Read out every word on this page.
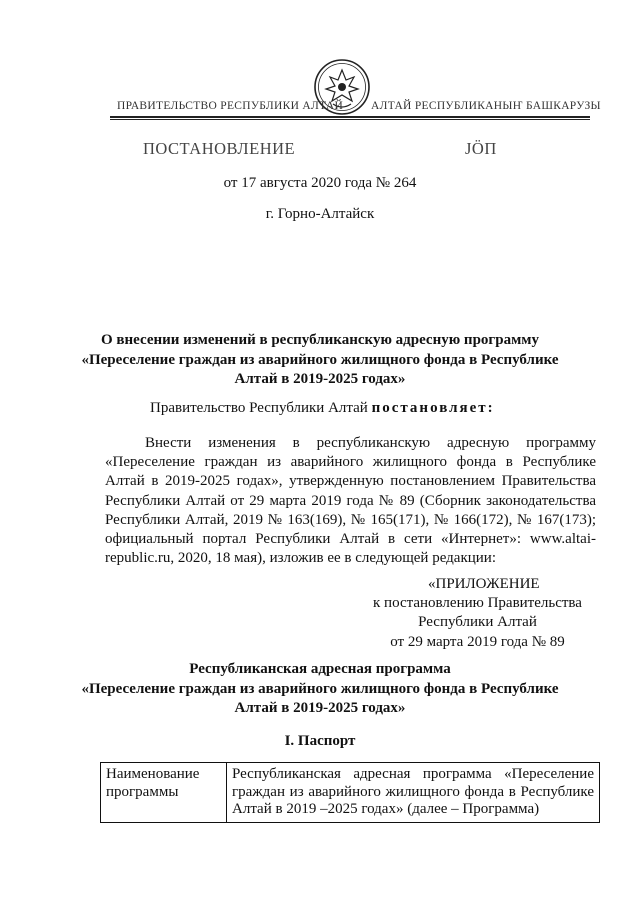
ПРАВИТЕЛЬСТВО РЕСПУБЛИКИ АЛТАЙ АЛТАЙ РЕСПУБЛИКАНЫҤ БАШКАРУЗЫ
ПОСТАНОВЛЕНИЕ	ЈӦП
от 17 августа 2020 года № 264
г. Горно-Алтайск
О внесении изменений в республиканскую адресную программу
«Переселение граждан из аварийного жилищного фонда в Республике
Алтай в 2019-2025 годах»
Правительство Республики Алтай постановляет:
Внести изменения в республиканскую адресную программу «Переселение граждан из аварийного жилищного фонда в Республике Алтай в 2019-2025 годах», утвержденную постановлением Правительства Республики Алтай от 29 марта 2019 года № 89 (Сборник законодательства Республики Алтай, 2019 № 163(169), № 165(171), № 166(172), № 167(173); официальный портал Республики Алтай в сети «Интернет»: www.altai-republic.ru, 2020, 18 мая), изложив ее в следующей редакции:
«ПРИЛОЖЕНИЕ
к постановлению Правительства
Республики Алтай
от 29 марта 2019 года № 89
Республиканская адресная программа
«Переселение граждан из аварийного жилищного фонда в Республике
Алтай в 2019-2025 годах»
I. Паспорт
Наименование программы	Республиканская адресная программа «Переселение граждан из аварийного жилищного фонда в Республике Алтай в 2019 –2025 годах» (далее – Программа)
